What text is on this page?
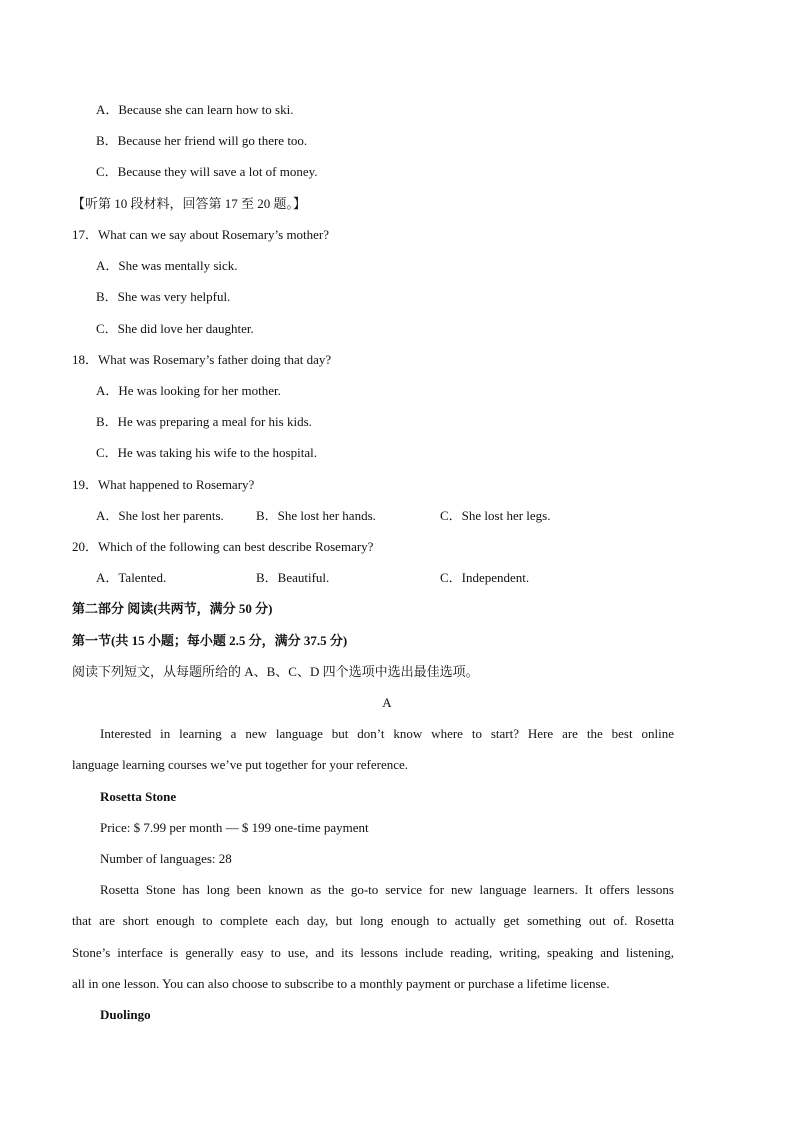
A．Because she can learn how to ski.
B．Because her friend will go there too.
C．Because they will save a lot of money.
【听第 10 段材料，回答第 17 至 20 题。】
17．What can we say about Rosemary’s mother?
A．She was mentally sick.
B．She was very helpful.
C．She did love her daughter.
18．What was Rosemary’s father doing that day?
A．He was looking for her mother.
B．He was preparing a meal for his kids.
C．He was taking his wife to the hospital.
19．What happened to Rosemary?
A．She lost her parents. B．She lost her hands.	C．She lost her legs.
20．Which of the following can best describe Rosemary?
A．Talented.	B．Beautiful.	C．Independent.
第二部分 阅读(共两节，满分 50 分)
第一节(共 15 小题；每小题 2.5 分，满分 37.5 分)
阅读下列短文，从每题所给的 A、B、C、D 四个选项中选出最佳选项。
A
Interested in learning a new language but don’t know where to start? Here are the best online
language learning courses we’ve put together for your reference.
Rosetta Stone
Price: $ 7.99 per month — $ 199 one-time payment
Number of languages: 28
Rosetta Stone has long been known as the go-to service for new language learners. It offers lessons
that are short enough to complete each day, but long enough to actually get something out of. Rosetta
Stone’s interface is generally easy to use, and its lessons include reading, writing, speaking and listening,
all in one lesson. You can also choose to subscribe to a monthly payment or purchase a lifetime license.
Duolingo
